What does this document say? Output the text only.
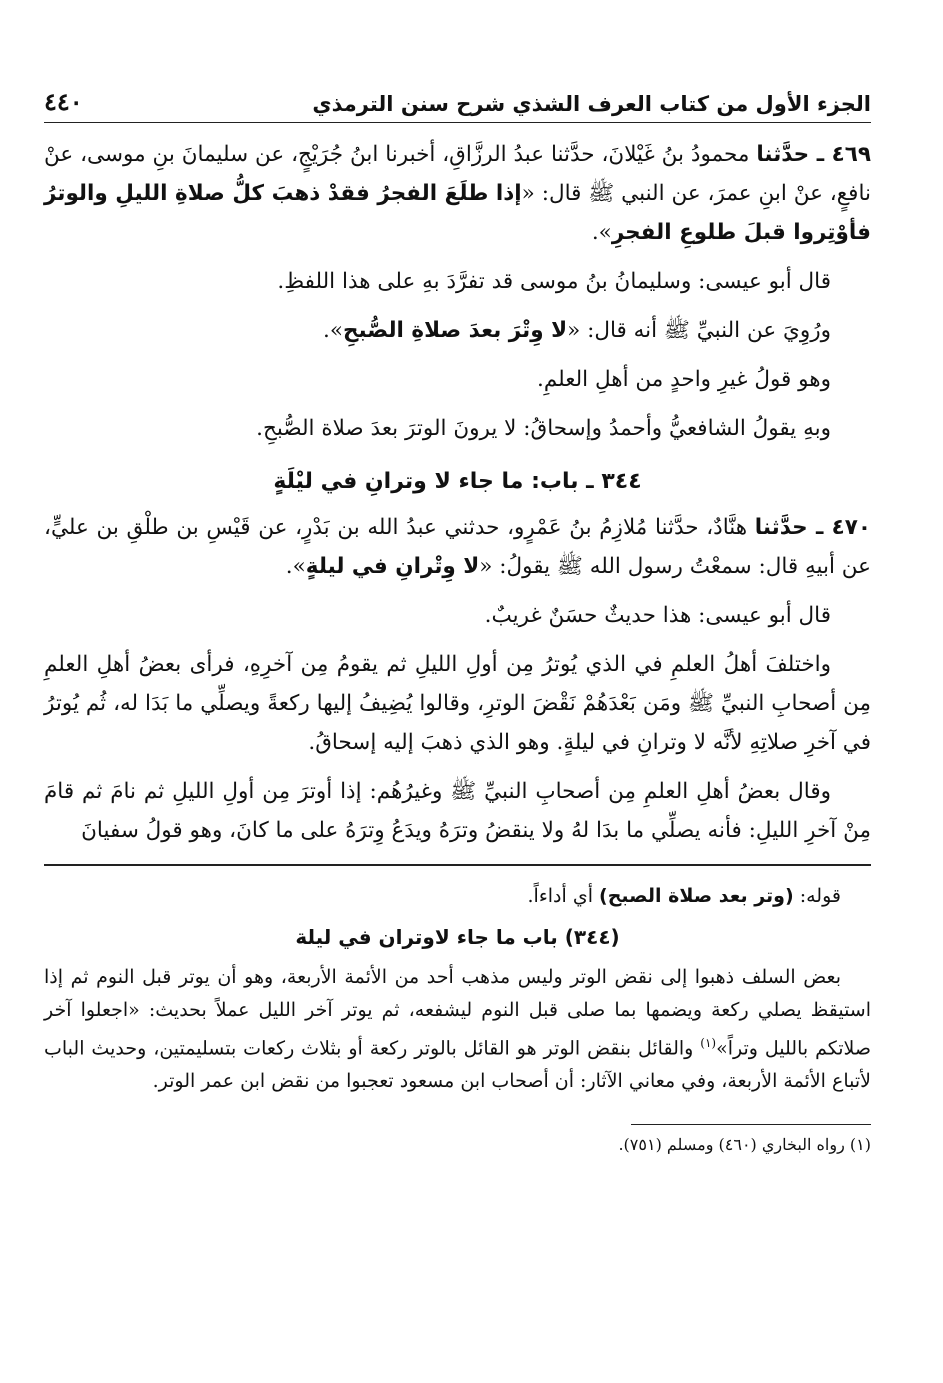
الجزء الأول من كتاب العرف الشذي شرح سنن الترمذي
٤٤٠

٤٦٩ ـ حدَّثنا محمودُ بنُ غَيْلانَ، حدَّثنا عبدُ الرزَّاقِ، أخبرنا ابنُ جُرَيْجٍ، عن سليمانَ بنِ موسى، عنْ نافعٍ، عنْ ابنِ عمرَ، عن النبي ﷺ قال: «إذا طلَعَ الفجرُ فقدْ ذهبَ كلُّ صلاةِ الليلِ والوترُ فأوْتِروا قبلَ طلوعِ الفجرِ».

قال أبو عيسى: وسليمانُ بنُ موسى قد تفرَّدَ بهِ على هذا اللفظِ.

ورُوِيَ عن النبيِّ ﷺ أنه قال: «لا وِتْرَ بعدَ صلاةِ الصُّبحِ».

وهو قولُ غيرِ واحدٍ من أهلِ العلمِ.

وبهِ يقولُ الشافعيُّ وأحمدُ وإسحاقُ: لا يرونَ الوترَ بعدَ صلاة الصُّبحِ.

٣٤٤ ـ باب: ما جاء لا وترانِ في ليْلَةٍ

٤٧٠ ـ حدَّثنا هنَّادٌ، حدَّثنا مُلازِمُ بنُ عَمْرٍو، حدثني عبدُ الله بن بَدْرٍ، عن قَيْسِ بن طلْقِ بن عليٍّ، عن أبيهِ قال: سمعْتُ رسول الله ﷺ يقولُ: «لا وِتْرانِ في ليلةٍ».

قال أبو عيسى: هذا حديثٌ حسَنٌ غريبٌ.

واختلفَ أهلُ العلمِ في الذي يُوترُ مِن أولِ الليلِ ثم يقومُ مِن آخرِهِ، فرأى بعضُ أهلِ العلمِ مِن أصحابِ النبيِّ ﷺ ومَن بَعْدَهُمْ نَقْضَ الوترِ، وقالوا يُضِيفُ إليها ركعةً ويصلِّي ما بَدَا له، ثُم يُوترُ في آخرِ صلاتِهِ لأنَّه لا وترانِ في ليلةٍ. وهو الذي ذهبَ إليه إسحاقُ.

وقال بعضُ أهلِ العلمِ مِن أصحابِ النبيِّ ﷺ وغيرُهُم: إذا أوترَ مِن أولِ الليلِ ثم نامَ ثم قامَ مِنْ آخرِ الليلِ: فأنه يصلِّي ما بدَا لهُ ولا ينقضُ وترَهُ ويدَعُ وِترَهُ على ما كانَ، وهو قولُ سفيانَ

قوله: (وتر بعد صلاة الصبح) أي أداءاً.

(٣٤٤) باب ما جاء لاوتران في ليلة

بعض السلف ذهبوا إلى نقض الوتر وليس مذهب أحد من الأئمة الأربعة، وهو أن يوتر قبل النوم ثم إذا استيقظ يصلي ركعة ويضمها بما صلى قبل النوم ليشفعه، ثم يوتر آخر الليل عملاً بحديث: «اجعلوا آخر صلاتكم بالليل وتراً»$^{(١)}$ والقائل بنقض الوتر هو القائل بالوتر ركعة أو بثلاث ركعات بتسليمتين، وحديث الباب لأتباع الأئمة الأربعة، وفي معاني الآثار: أن أصحاب ابن مسعود تعجبوا من نقض ابن عمر الوتر.

(١) رواه البخاري (٤٦٠) ومسلم (٧٥١).
